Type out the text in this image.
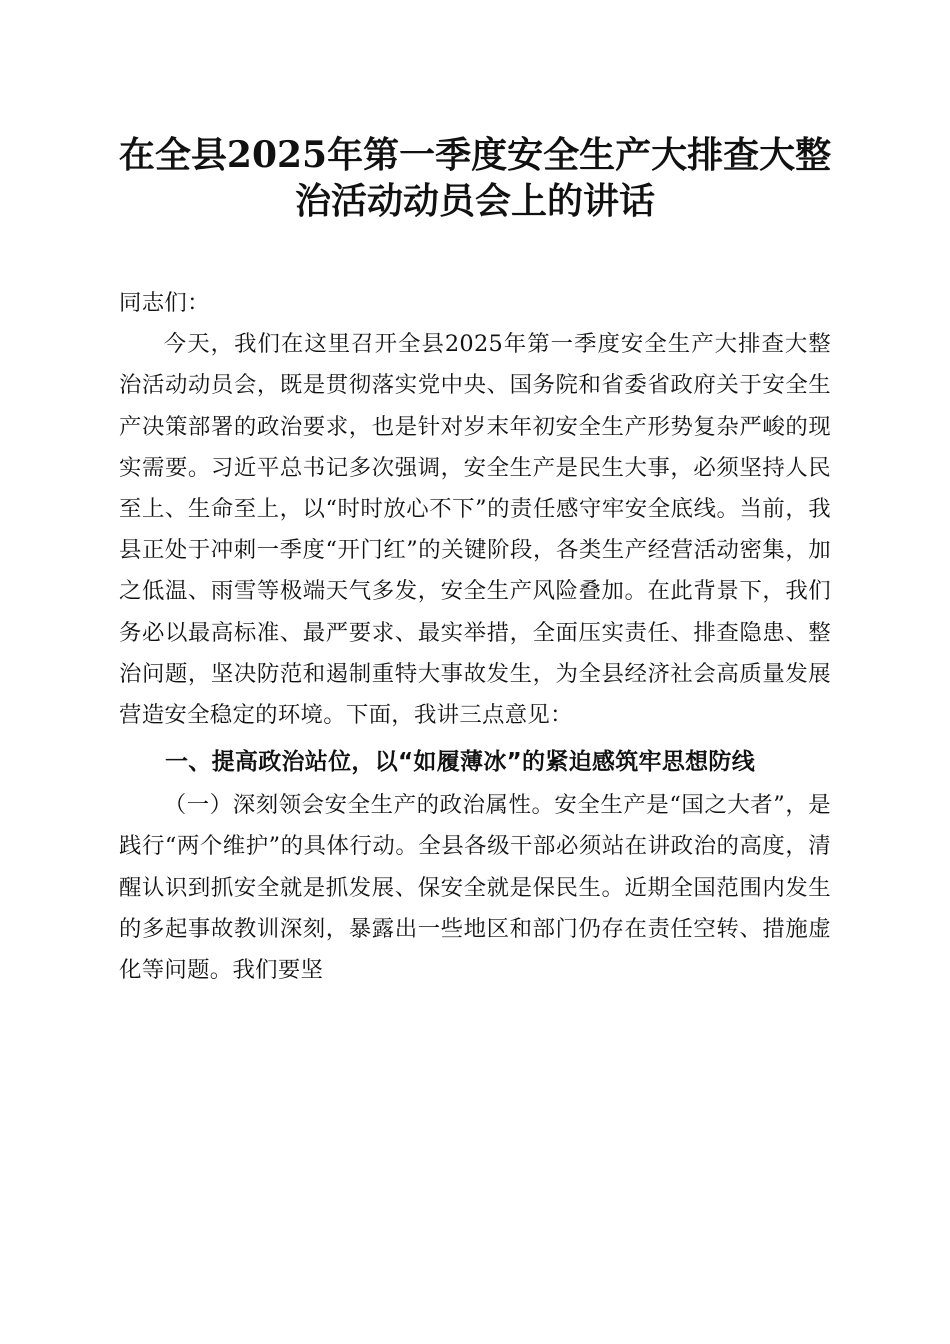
在全县2025年第一季度安全生产大排查大整
治活动动员会上的讲话

同志们：

今天，我们在这里召开全县2025年第一季度安全生产大排查大整治活动动员会，既是贯彻落实党中央、国务院和省委省政府关于安全生产决策部署的政治要求，也是针对岁末年初安全生产形势复杂严峻的现实需要。习近平总书记多次强调，安全生产是民生大事，必须坚持人民至上、生命至上，以“时时放心不下”的责任感守牢安全底线。当前，我县正处于冲刺一季度“开门红”的关键阶段，各类生产经营活动密集，加之低温、雨雪等极端天气多发，安全生产风险叠加。在此背景下，我们务必以最高标准、最严要求、最实举措，全面压实责任、排查隐患、整治问题，坚决防范和遏制重特大事故发生，为全县经济社会高质量发展营造安全稳定的环境。下面，我讲三点意见：

一、提高政治站位，以“如履薄冰”的紧迫感筑牢思想防线

（一）深刻领会安全生产的政治属性。安全生产是“国之大者”，是践行“两个维护”的具体行动。全县各级干部必须站在讲政治的高度，清醒认识到抓安全就是抓发展、保安全就是保民生。近期全国范围内发生的多起事故教训深刻，暴露出一些地区和部门仍存在责任空转、措施虚化等问题。我们要坚
